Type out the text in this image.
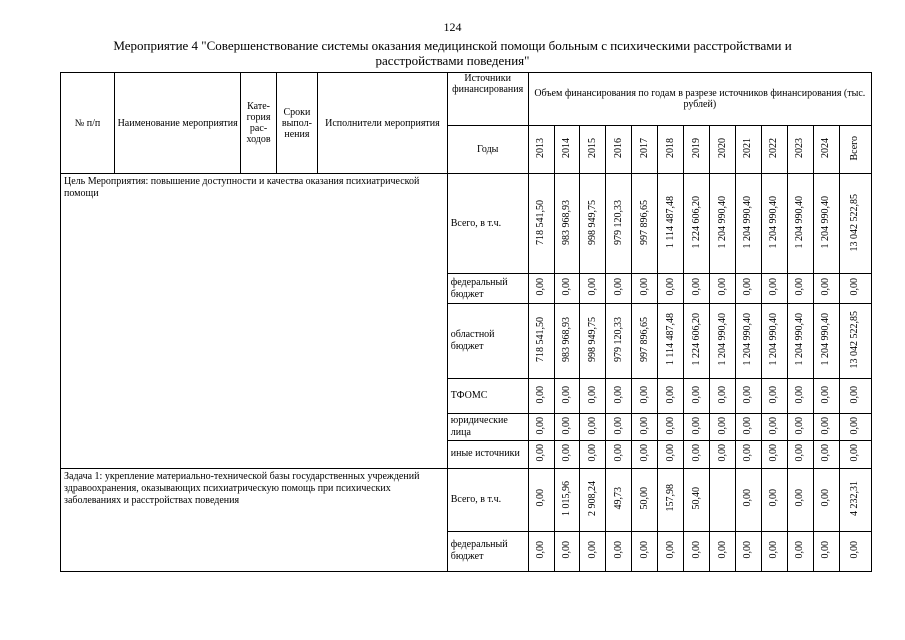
124
Мероприятие 4 "Совершенствование системы оказания медицинской помощи больным с психическими расстройствами и расстройствами поведения"
№ п/п	Наименование мероприятия	Категория расходов	Сроки выполнения	Исполнители мероприятия	Источники финансирования	Объем финансирования по годам в разрезе источников финансирования (тыс. рублей)												
					Годы	2013	2014	2015	2016	2017	2018	2019	2020	2021	2022	2023	2024	Всего
Цель Мероприятия: повышение доступности и качества оказания психиатрической помощи					Всего, в т.ч.	718 541,50	983 968,93	998 949,75	979 120,33	997 896,65	1 114 487,48	1 224 606,20	1 204 990,40	1 204 990,40	1 204 990,40	1 204 990,40	1 204 990,40	13 042 522,85
					федеральный бюджет	0,00	0,00	0,00	0,00	0,00	0,00	0,00	0,00	0,00	0,00	0,00	0,00	0,00
					областной бюджет	718 541,50	983 968,93	998 949,75	979 120,33	997 896,65	1 114 487,48	1 224 606,20	1 204 990,40	1 204 990,40	1 204 990,40	1 204 990,40	1 204 990,40	13 042 522,85
					ТФОМС	0,00	0,00	0,00	0,00	0,00	0,00	0,00	0,00	0,00	0,00	0,00	0,00	0,00
					юридические лица	0,00	0,00	0,00	0,00	0,00	0,00	0,00	0,00	0,00	0,00	0,00	0,00	0,00
					иные источники	0,00	0,00	0,00	0,00	0,00	0,00	0,00	0,00	0,00	0,00	0,00	0,00	0,00
Задача 1: укрепление материально-технической базы государственных учреждений здравоохранения, оказывающих психиатрическую помощь при психических заболеваниях и расстройствах поведения					Всего, в т.ч.	0,00	1 015,96	2 908,24	49,73	50,00	157,98	50,40		0,00	0,00	0,00	0,00	4 232,31
					федеральный бюджет	0,00	0,00	0,00	0,00	0,00	0,00	0,00	0,00	0,00	0,00	0,00	0,00	0,00
